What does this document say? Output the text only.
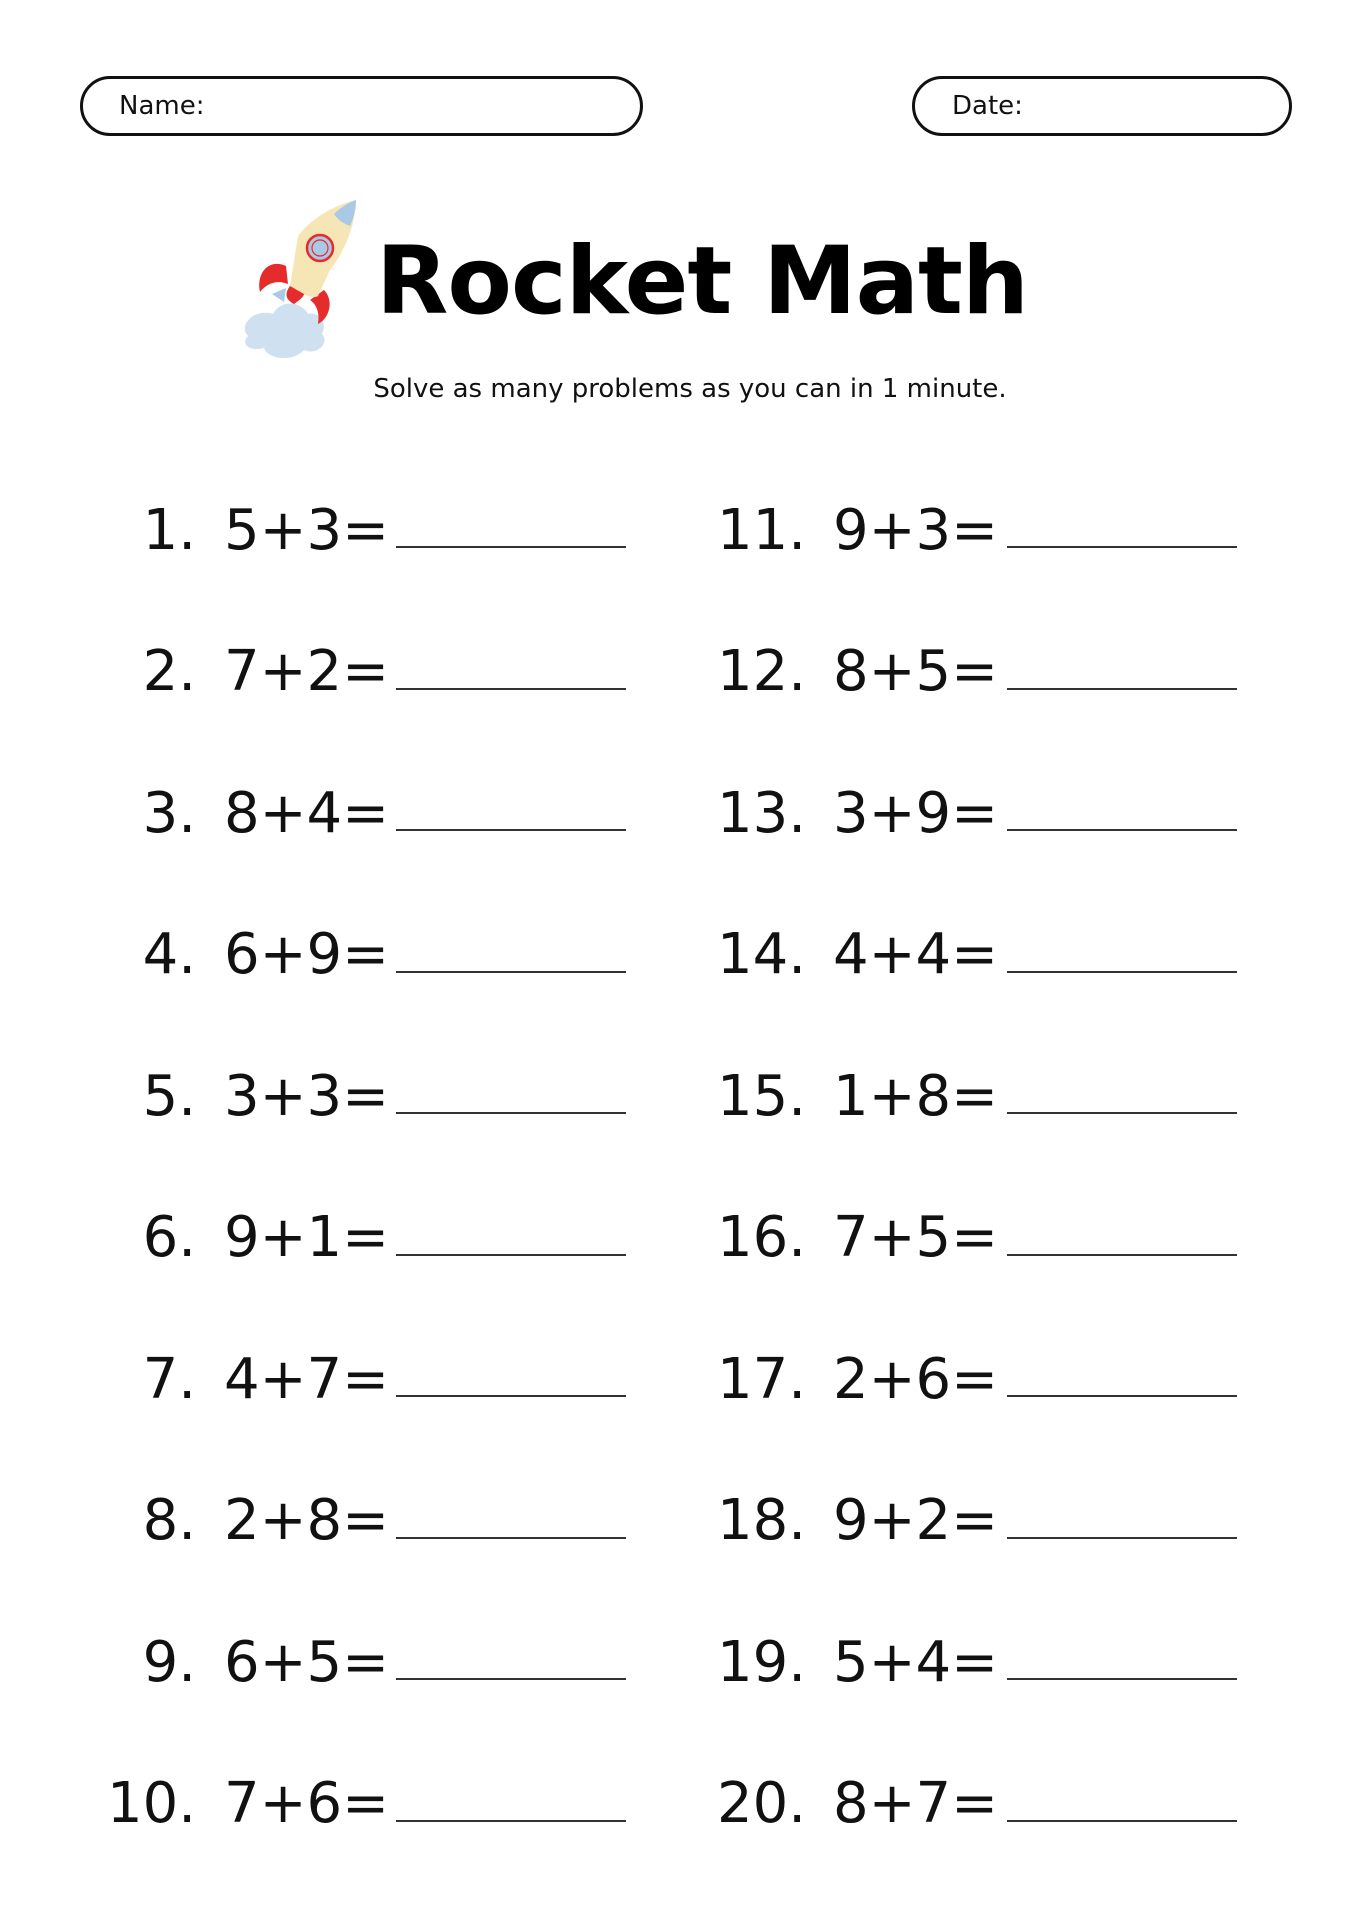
Name:	Date:
Rocket Math
Solve as many problems as you can in 1 minute.
1. 5+3=
2. 7+2=
3. 8+4=
4. 6+9=
5. 3+3=
6. 9+1=
7. 4+7=
8. 2+8=
9. 6+5=
10. 7+6=
11. 9+3=
12. 8+5=
13. 3+9=
14. 4+4=
15. 1+8=
16. 7+5=
17. 2+6=
18. 9+2=
19. 5+4=
20. 8+7=
